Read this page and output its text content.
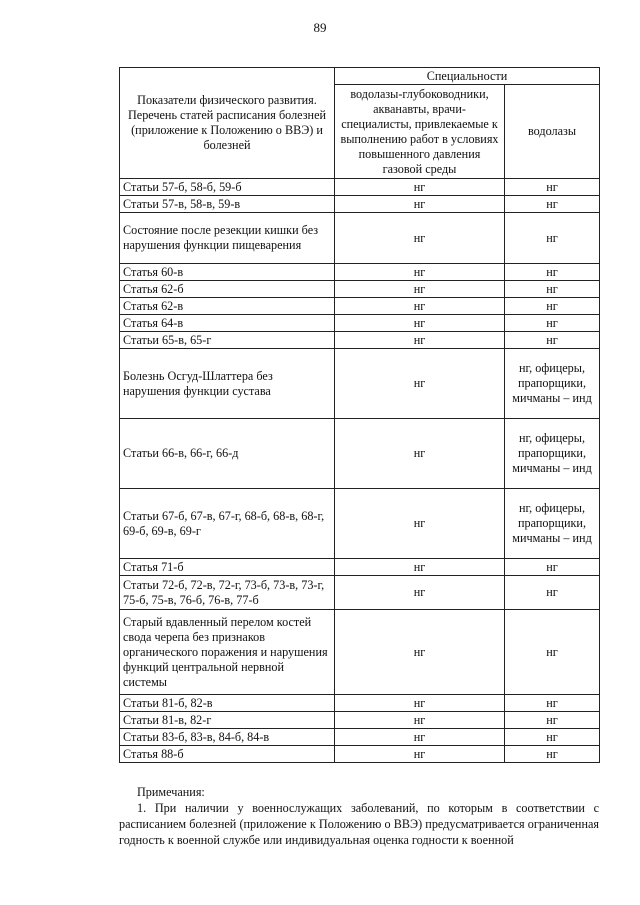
89
Показатели физического развития. Перечень статей расписания болезней (приложение к Положению о ВВЭ) и болезней	Специальности	
	водолазы-глубоководники, акванавты, врачи-специалисты, привлекаемые к выполнению работ в условиях повышенного давления газовой среды	водолазы
Статьи 57-б, 58-б, 59-б	нг	нг
Статьи 57-в, 58-в, 59-в	нг	нг
Состояние после резекции кишки без нарушения функции пищеварения	нг	нг
Статья 60-в	нг	нг
Статья 62-б	нг	нг
Статья 62-в	нг	нг
Статья 64-в	нг	нг
Статьи 65-в, 65-г	нг	нг
Болезнь Осгуд-Шлаттера без нарушения функции сустава	нг	нг, офицеры, прапорщики, мичманы – инд
Статьи 66-в, 66-г, 66-д	нг	нг, офицеры, прапорщики, мичманы – инд
Статьи 67-б, 67-в, 67-г, 68-б, 68-в, 68-г, 69-б, 69-в, 69-г	нг	нг, офицеры, прапорщики, мичманы – инд
Статья 71-б	нг	нг
Статьи 72-б, 72-в, 72-г, 73-б, 73-в, 73-г, 75-б, 75-в, 76-б, 76-в, 77-б	нг	нг
Старый вдавленный перелом костей свода черепа без признаков органического поражения и нарушения функций центральной нервной системы	нг	нг
Статьи 81-б, 82-в	нг	нг
Статьи 81-в, 82-г	нг	нг
Статьи 83-б, 83-в, 84-б, 84-в	нг	нг
Статья 88-б	нг	нг
Примечания:
1. При наличии у военнослужащих заболеваний, по которым в соответствии с расписанием болезней (приложение к Положению о ВВЭ) предусматривается ограниченная годность к военной службе или индивидуальная оценка годности к военной
